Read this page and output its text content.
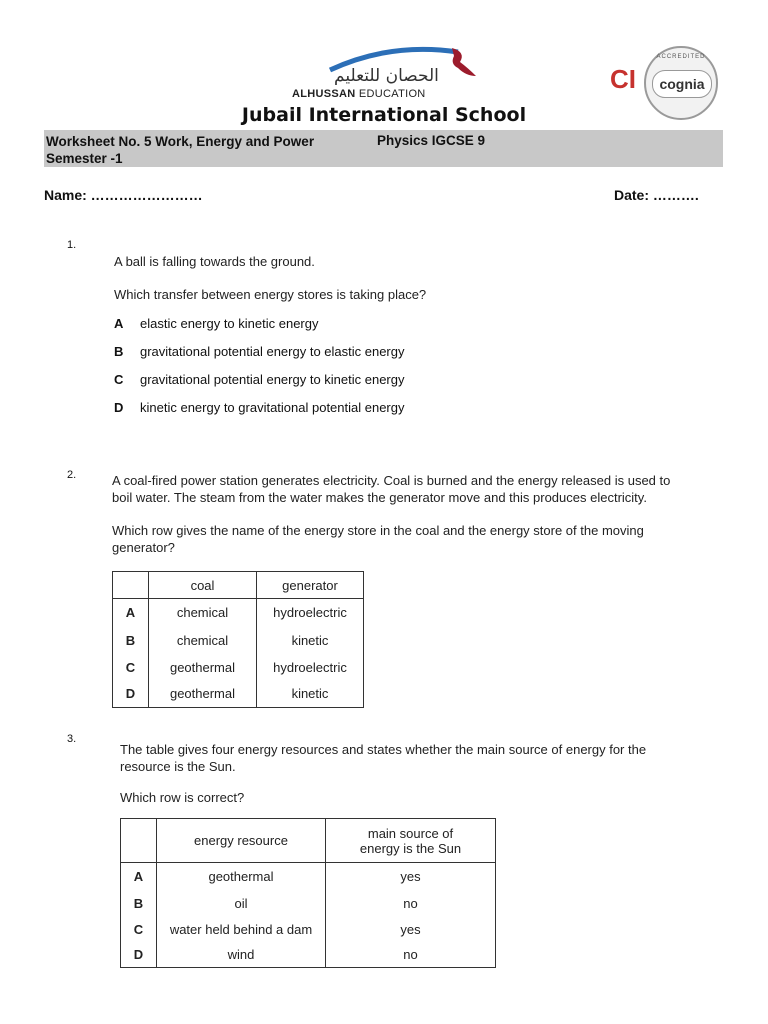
الحصان للتعليم
ALHUSSAN EDUCATION
Jubail International School
CI
ACCREDITED
cognia
Worksheet No. 5 Work, Energy and Power
Semester -1
Physics IGCSE 9
Name: ……………………	Date: ……….
1.
A ball is falling towards the ground.
Which transfer between energy stores is taking place?
A elastic energy to kinetic energy
B gravitational potential energy to elastic energy
C gravitational potential energy to kinetic energy
D kinetic energy to gravitational potential energy
2.	A coal-fired power station generates electricity. Coal is burned and the energy released is used to
boil water. The steam from the water makes the generator move and this produces electricity.
Which row gives the name of the energy store in the coal and the energy store of the moving
generator?
	coal	generator
A	chemical	hydroelectric
B	chemical	kinetic
C	geothermal	hydroelectric
D	geothermal	kinetic
3.
The table gives four energy resources and states whether the main source of energy for the
resource is the Sun.
Which row is correct?
	energy resource	main source of
energy is the Sun

A	geothermal	yes
B	oil	no
C	water held behind a dam	yes
D	wind	no
